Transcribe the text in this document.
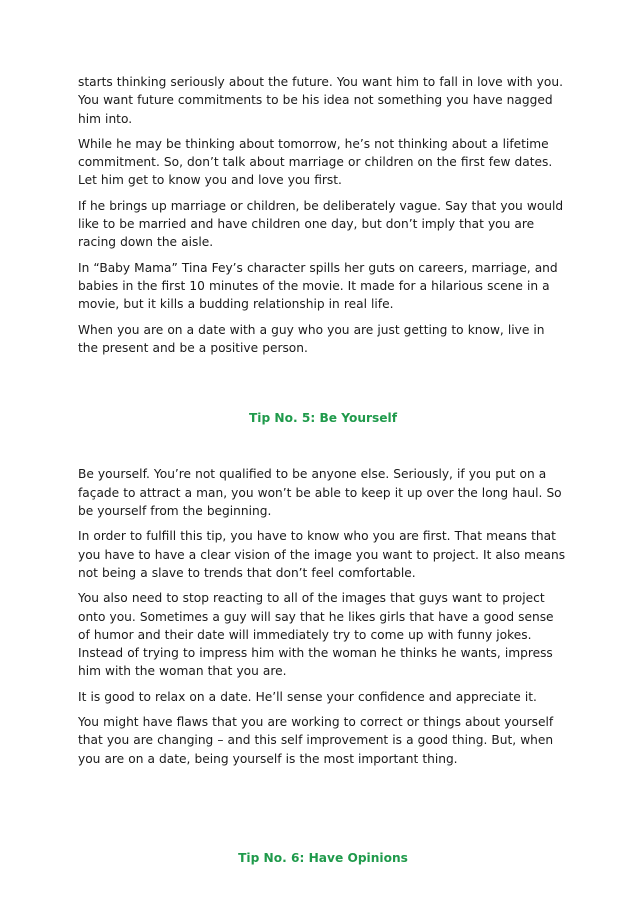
starts thinking seriously about the future. You want him to fall in love with you. You want future commitments to be his idea not something you have nagged him into.

While he may be thinking about tomorrow, he’s not thinking about a lifetime commitment. So, don’t talk about marriage or children on the first few dates. Let him get to know you and love you first.

If he brings up marriage or children, be deliberately vague. Say that you would like to be married and have children one day, but don’t imply that you are racing down the aisle.

In “Baby Mama” Tina Fey’s character spills her guts on careers, marriage, and babies in the first 10 minutes of the movie. It made for a hilarious scene in a movie, but it kills a budding relationship in real life.

When you are on a date with a guy who you are just getting to know, live in the present and be a positive person.

Tip No. 5: Be Yourself

Be yourself. You’re not qualified to be anyone else. Seriously, if you put on a façade to attract a man, you won’t be able to keep it up over the long haul. So be yourself from the beginning.

In order to fulfill this tip, you have to know who you are first. That means that you have to have a clear vision of the image you want to project. It also means not being a slave to trends that don’t feel comfortable.

You also need to stop reacting to all of the images that guys want to project onto you. Sometimes a guy will say that he likes girls that have a good sense of humor and their date will immediately try to come up with funny jokes. Instead of trying to impress him with the woman he thinks he wants, impress him with the woman that you are.

It is good to relax on a date. He’ll sense your confidence and appreciate it.

You might have flaws that you are working to correct or things about yourself that you are changing – and this self improvement is a good thing. But, when you are on a date, being yourself is the most important thing.

Tip No. 6: Have Opinions
